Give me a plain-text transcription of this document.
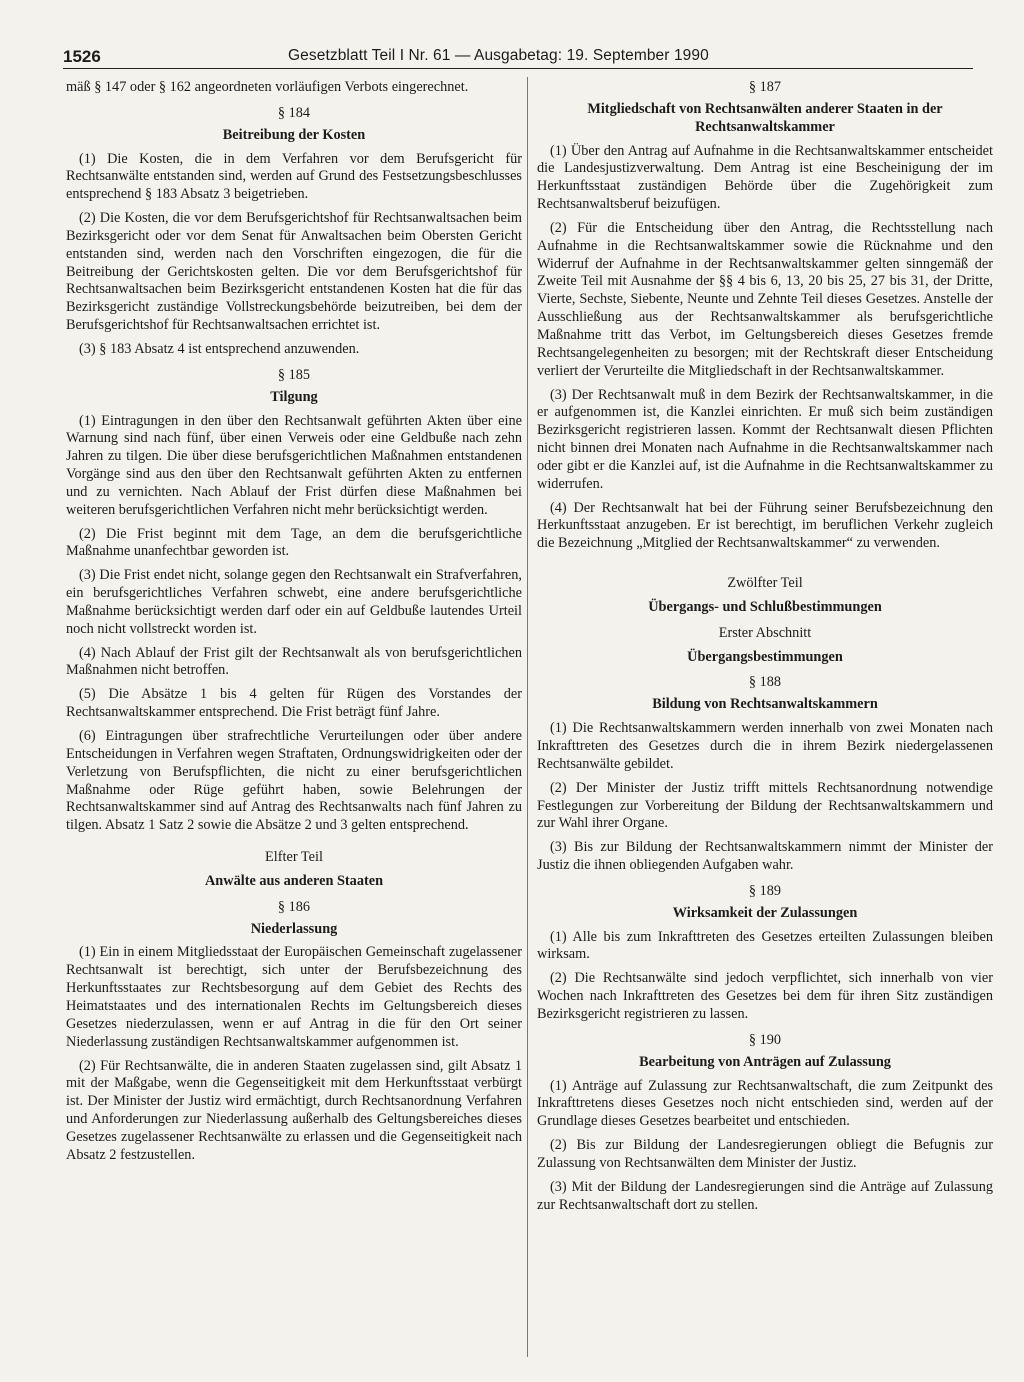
1526	Gesetzblatt Teil I Nr. 61 — Ausgabetag: 19. September 1990

mäß § 147 oder § 162 angeordneten vorläufigen Verbots eingerechnet.

§ 184
Beitreibung der Kosten

(1) Die Kosten, die in dem Verfahren vor dem Berufsgericht für Rechtsanwälte entstanden sind, werden auf Grund des Festsetzungsbeschlusses entsprechend § 183 Absatz 3 beigetrieben.

(2) Die Kosten, die vor dem Berufsgerichtshof für Rechtsanwaltsachen beim Bezirksgericht oder vor dem Senat für Anwaltsachen beim Obersten Gericht entstanden sind, werden nach den Vorschriften eingezogen, die für die Beitreibung der Gerichtskosten gelten. Die vor dem Berufsgerichtshof für Rechtsanwaltsachen beim Bezirksgericht entstandenen Kosten hat die für das Bezirksgericht zuständige Vollstreckungsbehörde beizutreiben, bei dem der Berufsgerichtshof für Rechtsanwaltsachen errichtet ist.

(3) § 183 Absatz 4 ist entsprechend anzuwenden.

§ 185
Tilgung

(1) Eintragungen in den über den Rechtsanwalt geführten Akten über eine Warnung sind nach fünf, über einen Verweis oder eine Geldbuße nach zehn Jahren zu tilgen. Die über diese berufsgerichtlichen Maßnahmen entstandenen Vorgänge sind aus den über den Rechtsanwalt geführten Akten zu entfernen und zu vernichten. Nach Ablauf der Frist dürfen diese Maßnahmen bei weiteren berufsgerichtlichen Verfahren nicht mehr berücksichtigt werden.

(2) Die Frist beginnt mit dem Tage, an dem die berufsgerichtliche Maßnahme unanfechtbar geworden ist.

(3) Die Frist endet nicht, solange gegen den Rechtsanwalt ein Strafverfahren, ein berufsgerichtliches Verfahren schwebt, eine andere berufsgerichtliche Maßnahme berücksichtigt werden darf oder ein auf Geldbuße lautendes Urteil noch nicht vollstreckt worden ist.

(4) Nach Ablauf der Frist gilt der Rechtsanwalt als von berufsgerichtlichen Maßnahmen nicht betroffen.

(5) Die Absätze 1 bis 4 gelten für Rügen des Vorstandes der Rechtsanwaltskammer entsprechend. Die Frist beträgt fünf Jahre.

(6) Eintragungen über strafrechtliche Verurteilungen oder über andere Entscheidungen in Verfahren wegen Straftaten, Ordnungswidrigkeiten oder der Verletzung von Berufspflichten, die nicht zu einer berufsgerichtlichen Maßnahme oder Rüge geführt haben, sowie Belehrungen der Rechtsanwaltskammer sind auf Antrag des Rechtsanwalts nach fünf Jahren zu tilgen. Absatz 1 Satz 2 sowie die Absätze 2 und 3 gelten entsprechend.

Elfter Teil
Anwälte aus anderen Staaten
§ 186
Niederlassung

(1) Ein in einem Mitgliedsstaat der Europäischen Gemeinschaft zugelassener Rechtsanwalt ist berechtigt, sich unter der Berufsbezeichnung des Herkunftsstaates zur Rechtsbesorgung auf dem Gebiet des Rechts des Heimatstaates und des internationalen Rechts im Geltungsbereich dieses Gesetzes niederzulassen, wenn er auf Antrag in die für den Ort seiner Niederlassung zuständigen Rechtsanwaltskammer aufgenommen ist.

(2) Für Rechtsanwälte, die in anderen Staaten zugelassen sind, gilt Absatz 1 mit der Maßgabe, wenn die Gegenseitigkeit mit dem Herkunftsstaat verbürgt ist. Der Minister der Justiz wird ermächtigt, durch Rechtsanordnung Verfahren und Anforderungen zur Niederlassung außerhalb des Geltungsbereiches dieses Gesetzes zugelassener Rechtsanwälte zu erlassen und die Gegenseitigkeit nach Absatz 2 festzustellen.

§ 187
Mitgliedschaft von Rechtsanwälten anderer Staaten in der Rechtsanwaltskammer

(1) Über den Antrag auf Aufnahme in die Rechtsanwaltskammer entscheidet die Landesjustizverwaltung. Dem Antrag ist eine Bescheinigung der im Herkunftsstaat zuständigen Behörde über die Zugehörigkeit zum Rechtsanwaltsberuf beizufügen.

(2) Für die Entscheidung über den Antrag, die Rechtsstellung nach Aufnahme in die Rechtsanwaltskammer sowie die Rücknahme und den Widerruf der Aufnahme in der Rechtsanwaltskammer gelten sinngemäß der Zweite Teil mit Ausnahme der §§ 4 bis 6, 13, 20 bis 25, 27 bis 31, der Dritte, Vierte, Sechste, Siebente, Neunte und Zehnte Teil dieses Gesetzes. Anstelle der Ausschließung aus der Rechtsanwaltskammer als berufsgerichtliche Maßnahme tritt das Verbot, im Geltungsbereich dieses Gesetzes fremde Rechtsangelegenheiten zu besorgen; mit der Rechtskraft dieser Entscheidung verliert der Verurteilte die Mitgliedschaft in der Rechtsanwaltskammer.

(3) Der Rechtsanwalt muß in dem Bezirk der Rechtsanwaltskammer, in die er aufgenommen ist, die Kanzlei einrichten. Er muß sich beim zuständigen Bezirksgericht registrieren lassen. Kommt der Rechtsanwalt diesen Pflichten nicht binnen drei Monaten nach Aufnahme in die Rechtsanwaltskammer nach oder gibt er die Kanzlei auf, ist die Aufnahme in die Rechtsanwaltskammer zu widerrufen.

(4) Der Rechtsanwalt hat bei der Führung seiner Berufsbezeichnung den Herkunftsstaat anzugeben. Er ist berechtigt, im beruflichen Verkehr zugleich die Bezeichnung „Mitglied der Rechtsanwaltskammer“ zu verwenden.

Zwölfter Teil
Übergangs- und Schlußbestimmungen
Erster Abschnitt
Übergangsbestimmungen
§ 188
Bildung von Rechtsanwaltskammern

(1) Die Rechtsanwaltskammern werden innerhalb von zwei Monaten nach Inkrafttreten des Gesetzes durch die in ihrem Bezirk niedergelassenen Rechtsanwälte gebildet.

(2) Der Minister der Justiz trifft mittels Rechtsanordnung notwendige Festlegungen zur Vorbereitung der Bildung der Rechtsanwaltskammern und zur Wahl ihrer Organe.

(3) Bis zur Bildung der Rechtsanwaltskammern nimmt der Minister der Justiz die ihnen obliegenden Aufgaben wahr.

§ 189
Wirksamkeit der Zulassungen

(1) Alle bis zum Inkrafttreten des Gesetzes erteilten Zulassungen bleiben wirksam.

(2) Die Rechtsanwälte sind jedoch verpflichtet, sich innerhalb von vier Wochen nach Inkrafttreten des Gesetzes bei dem für ihren Sitz zuständigen Bezirksgericht registrieren zu lassen.

§ 190
Bearbeitung von Anträgen auf Zulassung

(1) Anträge auf Zulassung zur Rechtsanwaltschaft, die zum Zeitpunkt des Inkrafttretens dieses Gesetzes noch nicht entschieden sind, werden auf der Grundlage dieses Gesetzes bearbeitet und entschieden.

(2) Bis zur Bildung der Landesregierungen obliegt die Befugnis zur Zulassung von Rechtsanwälten dem Minister der Justiz.

(3) Mit der Bildung der Landesregierungen sind die Anträge auf Zulassung zur Rechtsanwaltschaft dort zu stellen.
